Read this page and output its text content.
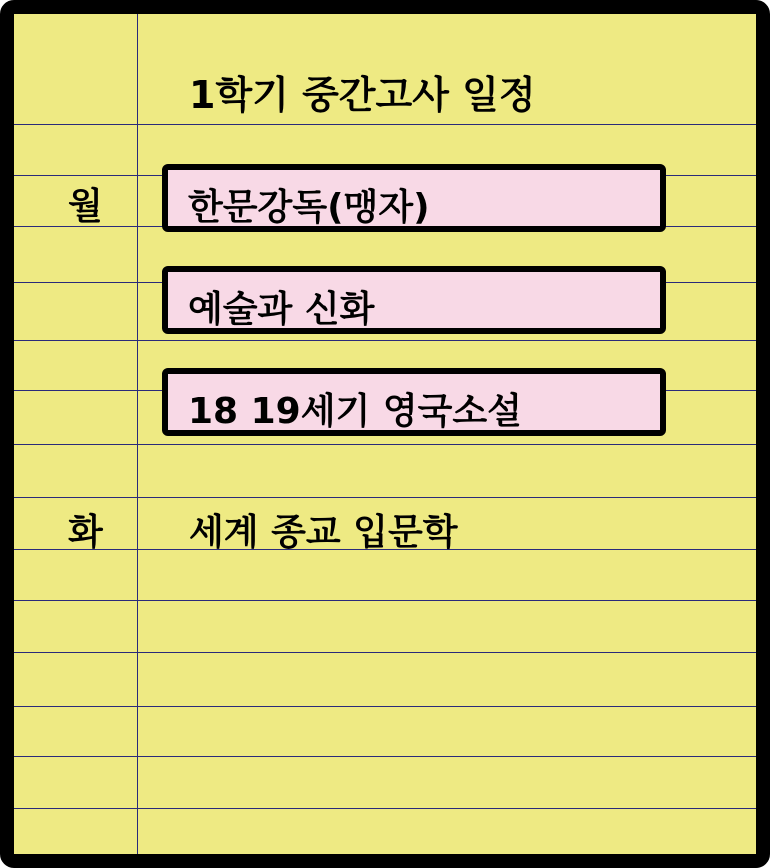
1학기 중간고사 일정
월 한문강독(맹자)
예술과 신화
18 19세기 영국소설
화 세계 종교 입문학
